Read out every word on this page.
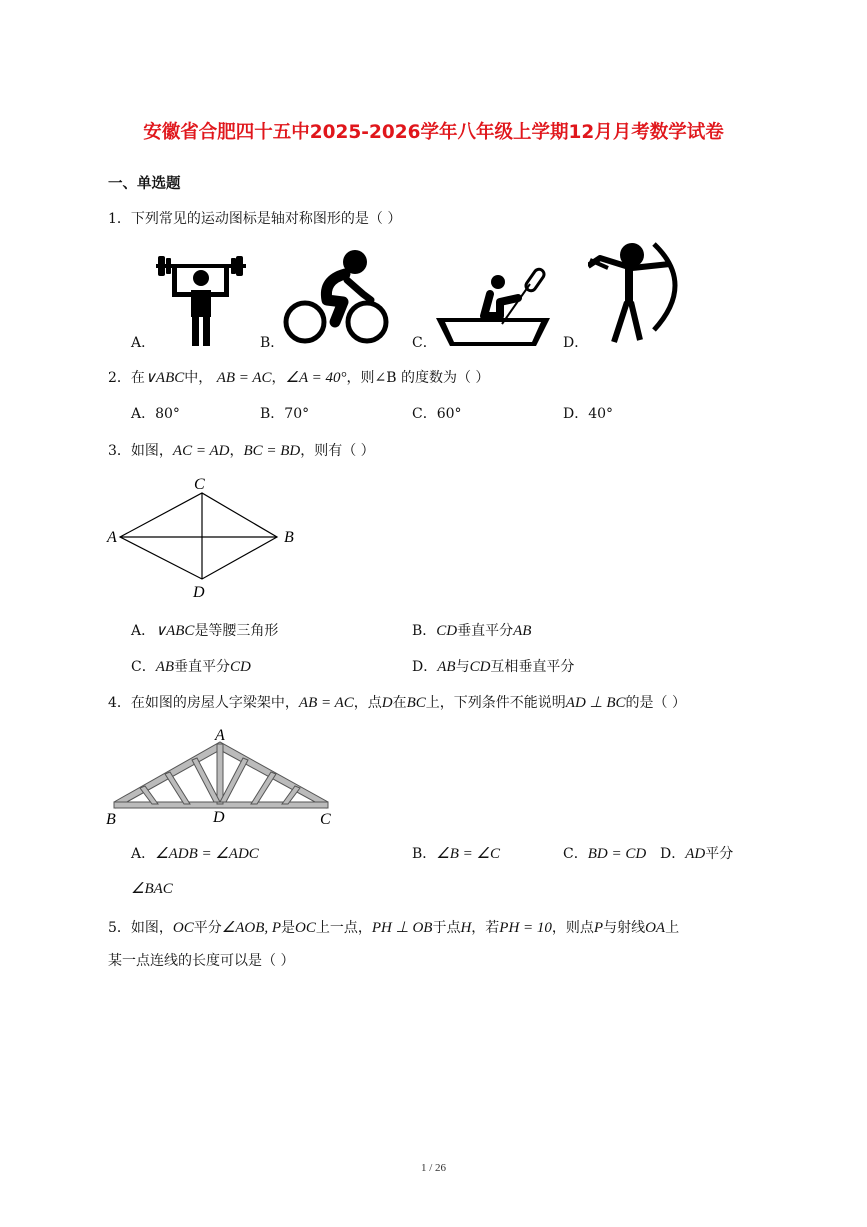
安徽省合肥四十五中2025-2026学年八年级上学期12月月考数学试卷
一、单选题
1．下列常见的运动图标是轴对称图形的是（ ）
A．	B．	C．	D．
2．在∨ABC中， AB = AC，∠A = 40°，则∠B 的度数为（ ）
A．80°	B．70°	C．60°	D．40°
3．如图，AC = AD，BC = BD，则有（ ）
C
A	B
D
A．∨ABC是等腰三角形	B．CD垂直平分AB
C．AB垂直平分CD	D．AB与CD互相垂直平分
4．在如图的房屋人字梁架中，AB = AC，点D在BC上，下列条件不能说明AD ⊥ BC的是（ ）
A
B	D	C
A．∠ADB = ∠ADC	B．∠B = ∠C	C．BD = CD D．AD平分
∠BAC
5．如图，OC平分∠AOB, P是OC上一点，PH ⊥ OB于点H，若PH = 10，则点P与射线OA上
某一点连线的长度可以是（ ）
1 / 26
